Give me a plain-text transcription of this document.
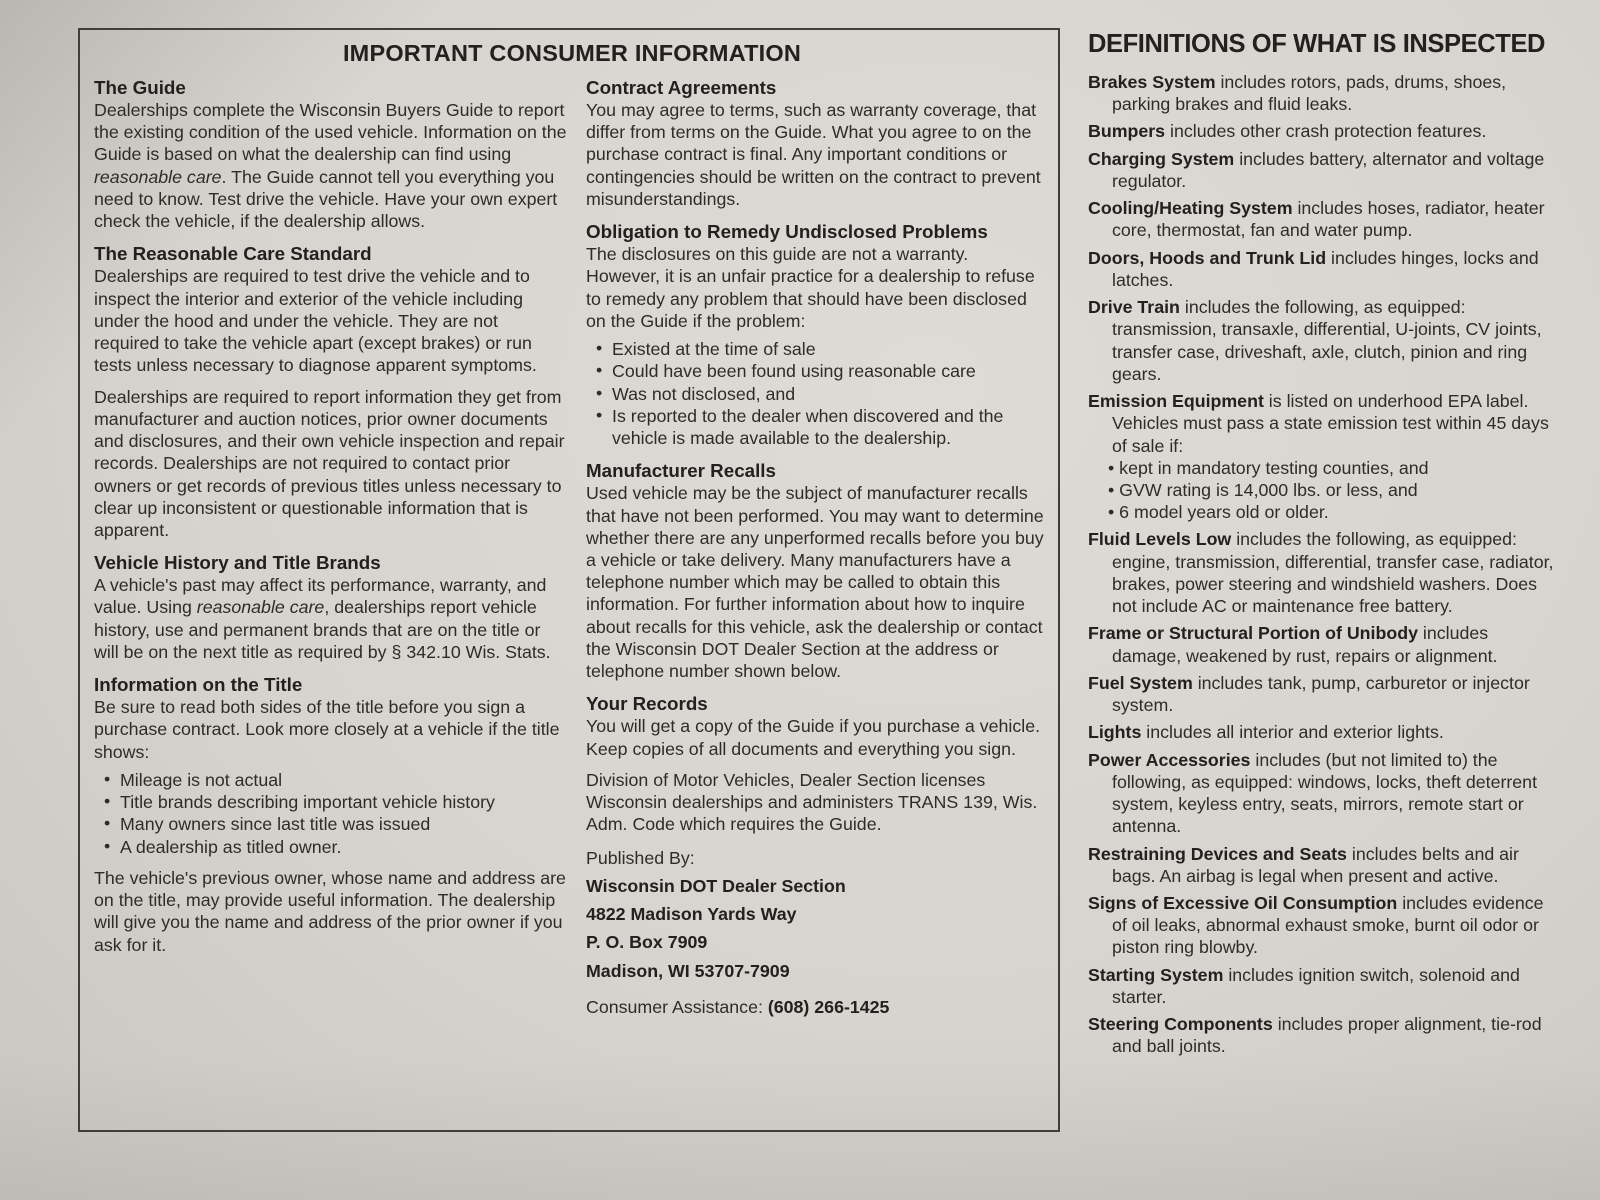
IMPORTANT CONSUMER INFORMATION
The Guide

Dealerships complete the Wisconsin Buyers Guide to report the existing condition of the used vehicle. Information on the Guide is based on what the dealership can find using reasonable care. The Guide cannot tell you everything you need to know. Test drive the vehicle. Have your own expert check the vehicle, if the dealership allows.

The Reasonable Care Standard

Dealerships are required to test drive the vehicle and to inspect the interior and exterior of the vehicle including under the hood and under the vehicle. They are not required to take the vehicle apart (except brakes) or run tests unless necessary to diagnose apparent symptoms.

Dealerships are required to report information they get from manufacturer and auction notices, prior owner documents and disclosures, and their own vehicle inspection and repair records. Dealerships are not required to contact prior owners or get records of previous titles unless necessary to clear up inconsistent or questionable information that is apparent.

Vehicle History and Title Brands

A vehicle's past may affect its performance, warranty, and value. Using reasonable care, dealerships report vehicle history, use and permanent brands that are on the title or will be on the next title as required by § 342.10 Wis. Stats.

Information on the Title

Be sure to read both sides of the title before you sign a purchase contract. Look more closely at a vehicle if the title shows:

• Mileage is not actual
• Title brands describing important vehicle history
• Many owners since last title was issued
• A dealership as titled owner.

The vehicle's previous owner, whose name and address are on the title, may provide useful information. The dealership will give you the name and address of the prior owner if you ask for it.

Contract Agreements

You may agree to terms, such as warranty coverage, that differ from terms on the Guide. What you agree to on the purchase contract is final. Any important conditions or contingencies should be written on the contract to prevent misunderstandings.

Obligation to Remedy Undisclosed Problems

The disclosures on this guide are not a warranty. However, it is an unfair practice for a dealership to refuse to remedy any problem that should have been disclosed on the Guide if the problem:

• Existed at the time of sale
• Could have been found using reasonable care
• Was not disclosed, and
• Is reported to the dealer when discovered and the vehicle is made available to the dealership.
Manufacturer Recalls

Used vehicle may be the subject of manufacturer recalls that have not been performed. You may want to determine whether there are any unperformed recalls before you buy a vehicle or take delivery. Many manufacturers have a telephone number which may be called to obtain this information. For further information about how to inquire about recalls for this vehicle, ask the dealership or contact the Wisconsin DOT Dealer Section at the address or telephone number shown below.

Your Records

You will get a copy of the Guide if you purchase a vehicle. Keep copies of all documents and everything you sign.

Division of Motor Vehicles, Dealer Section licenses Wisconsin dealerships and administers TRANS 139, Wis. Adm. Code which requires the Guide.

Published By:

Wisconsin DOT Dealer Section

4822 Madison Yards Way

P. O. Box 7909

Madison, WI 53707-7909

Consumer Assistance: (608) 266-1425

DEFINITIONS OF WHAT IS INSPECTED

Brakes System includes rotors, pads, drums, shoes, parking brakes and fluid leaks.

Bumpers includes other crash protection features.

Charging System includes battery, alternator and voltage regulator.

Cooling/Heating System includes hoses, radiator, heater core, thermostat, fan and water pump.

Doors, Hoods and Trunk Lid includes hinges, locks and latches.

Drive Train includes the following, as equipped: transmission, transaxle, differential, U-joints, CV joints, transfer case, driveshaft, axle, clutch, pinion and ring gears.

Emission Equipment is listed on underhood EPA label. Vehicles must pass a state emission test within 45 days of sale if:

• kept in mandatory testing counties, and
• GVW rating is 14,000 lbs. or less, and
• 6 model years old or older.

Fluid Levels Low includes the following, as equipped: engine, transmission, differential, transfer case, radiator, brakes, power steering and windshield washers. Does not include AC or maintenance free battery.

Frame or Structural Portion of Unibody includes damage, weakened by rust, repairs or alignment.

Fuel System includes tank, pump, carburetor or injector system.

Lights includes all interior and exterior lights.

Power Accessories includes (but not limited to) the following, as equipped: windows, locks, theft deterrent system, keyless entry, seats, mirrors, remote start or antenna.

Restraining Devices and Seats includes belts and air bags. An airbag is legal when present and active.

Signs of Excessive Oil Consumption includes evidence of oil leaks, abnormal exhaust smoke, burnt oil odor or piston ring blowby.

Starting System includes ignition switch, solenoid and starter.

Steering Components includes proper alignment, tie-rod and ball joints.
